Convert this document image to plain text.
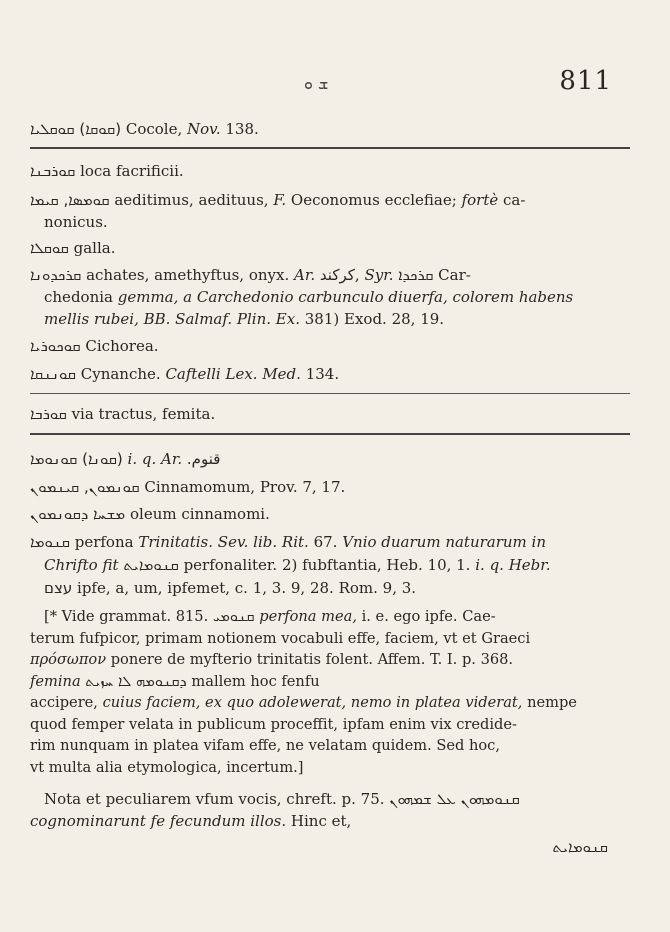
ܫ ܘ	811
(ܩܘܩܐ) ܩܘܩܠܝܐ Cocole, Nov. 138.
ܩܘܪܒܢܐ loca facrificii.
ܩܘܡܣܐ, ܩܝܡܐ aeditimus, aedituus, F. Oeconomus ecclefiae; fortè ca-
nonicus.
ܩܘܩܠܐ galla.
ܩܪܟܕܘܢܐ achates, amethyftus, onyx. Ar. ﻛﺮﻛﻨﺪ, Syr. ܩܪܟܕܐ Car-
chedonia gemma, a Carchedonio carbunculo diuerfa, colorem habens
mellis rubei, BB. Salmaf. Plin. Ex. 381) Exod. 28, 19.
ܩܘܟܘܪܝܐ Cichorea.
ܩܘܢܢܩܐ Cynanche. Caftelli Lex. Med. 134.
ܩܘܪܒܐ via tractus, femita.
(ܩܘܢܐ) ܩܘܢܘܡܐ i. q. Ar. ﻗﻨﻮﻡ.
ܩܘܢܡܘܢ, ܩܝܢܡܘܢ Cinnamomum, Prov. 7, 17.
ܡܫܚܐ ܕܩܘܢܡܘܢ oleum cinnamomi.
ܩܢܘܡܐ perfona Trinitatis. Sev. lib. Rit. 67. Vnio duarum naturarum in
Chrifto fit ܩܢܘܡܐܝܬ perfonaliter. 2) fubftantia, Heb. 10, 1. i. q. Hebr.
עצם ipfe, a, um, ipfemet, c. 1, 3. 9, 28. Rom. 9, 3.
[* Vide grammat. 815. ܩܢܘܡܝ perfona mea, i. e. ego ipfe. Cae-
terum fufpicor, primam notionem vocabuli effe, faciem, vt et Graeci
πρόσωπον ponere de myfterio trinitatis folent. Affem. T. I. p. 368.
femina ܕܩܢܘܡܗ ܠܐ ܚܙܝܬ mallem hoc fenfu
accipere, cuius faciem, ex quo adolewerat, nemo in platea viderat, nempe
quod femper velata in publicum proceffit, ipfam enim vix credide-
rim nunquam in platea vifam effe, ne velatam quidem. Sed hoc,
vt multa alia etymologica, incertum.]
Nota et peculiarem vfum vocis, chreft. p. 75. ܩܢܘܡܗܘܢ ܥܠ ܫܡܗܘܢ
cognominarunt fe fecundum illos. Hinc et,
ܩܢܘܡܐܝܬ
